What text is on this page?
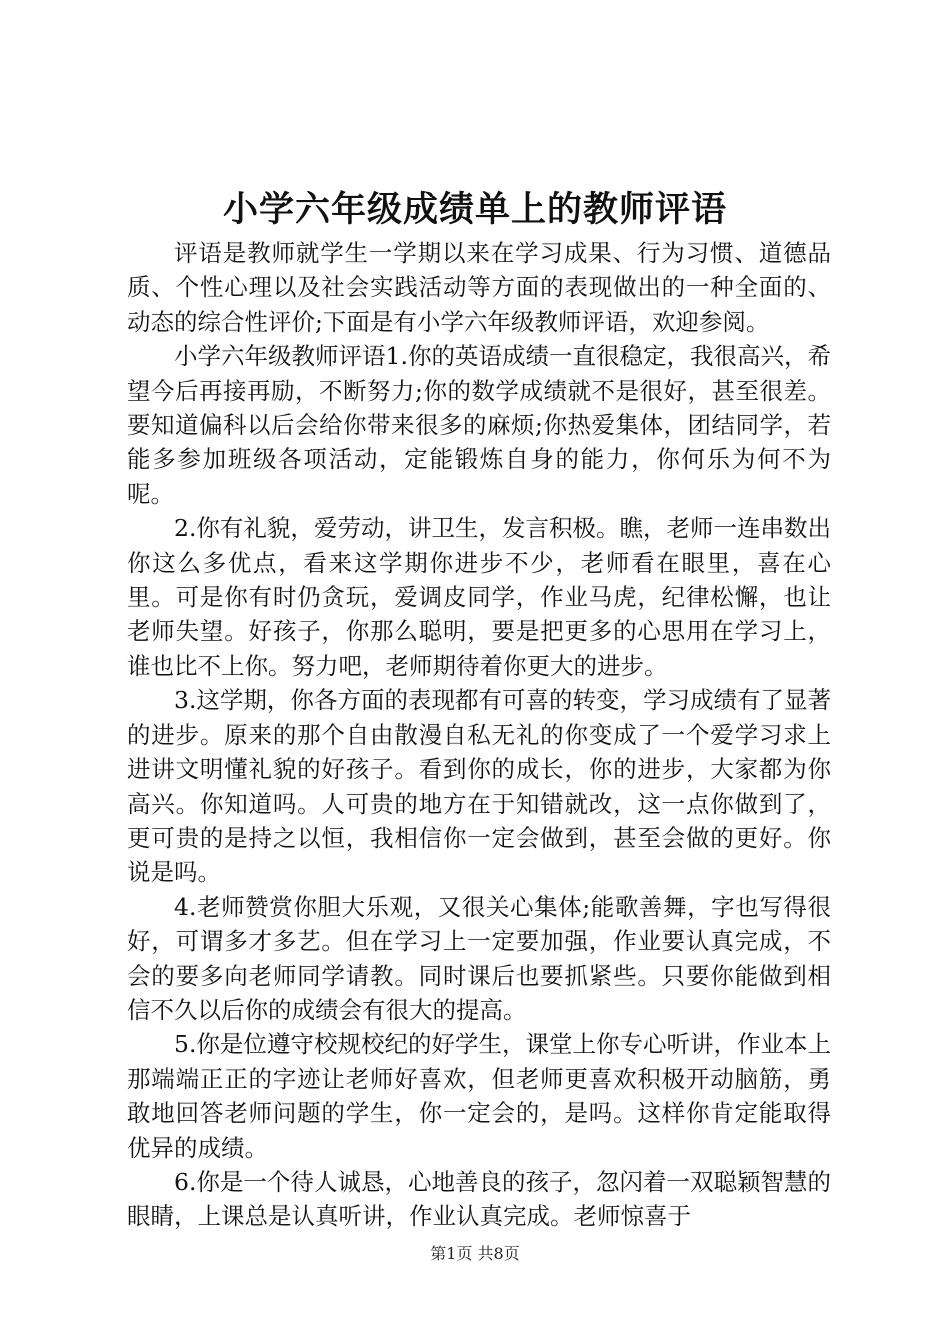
小学六年级成绩单上的教师评语

评语是教师就学生一学期以来在学习成果、行为习惯、道德品质、个性心理以及社会实践活动等方面的表现做出的一种全面的、动态的综合性评价;下面是有小学六年级教师评语，欢迎参阅。

小学六年级教师评语1.你的英语成绩一直很稳定，我很高兴，希望今后再接再励，不断努力;你的数学成绩就不是很好，甚至很差。要知道偏科以后会给你带来很多的麻烦;你热爱集体，团结同学，若能多参加班级各项活动，定能锻炼自身的能力，你何乐为何不为呢。

2.你有礼貌，爱劳动，讲卫生，发言积极。瞧，老师一连串数出你这么多优点，看来这学期你进步不少，老师看在眼里，喜在心里。可是你有时仍贪玩，爱调皮同学，作业马虎，纪律松懈，也让老师失望。好孩子，你那么聪明，要是把更多的心思用在学习上，谁也比不上你。努力吧，老师期待着你更大的进步。

3.这学期，你各方面的表现都有可喜的转变，学习成绩有了显著的进步。原来的那个自由散漫自私无礼的你变成了一个爱学习求上进讲文明懂礼貌的好孩子。看到你的成长，你的进步，大家都为你高兴。你知道吗。人可贵的地方在于知错就改，这一点你做到了，更可贵的是持之以恒，我相信你一定会做到，甚至会做的更好。你说是吗。

4.老师赞赏你胆大乐观，又很关心集体;能歌善舞，字也写得很好，可谓多才多艺。但在学习上一定要加强，作业要认真完成，不会的要多向老师同学请教。同时课后也要抓紧些。只要你能做到相信不久以后你的成绩会有很大的提高。

5.你是位遵守校规校纪的好学生，课堂上你专心听讲，作业本上那端端正正的字迹让老师好喜欢，但老师更喜欢积极开动脑筋，勇敢地回答老师问题的学生，你一定会的，是吗。这样你肯定能取得优异的成绩。

6.你是一个待人诚恳，心地善良的孩子，忽闪着一双聪颖智慧的眼睛，上课总是认真听讲，作业认真完成。老师惊喜于

第1页 共8页
